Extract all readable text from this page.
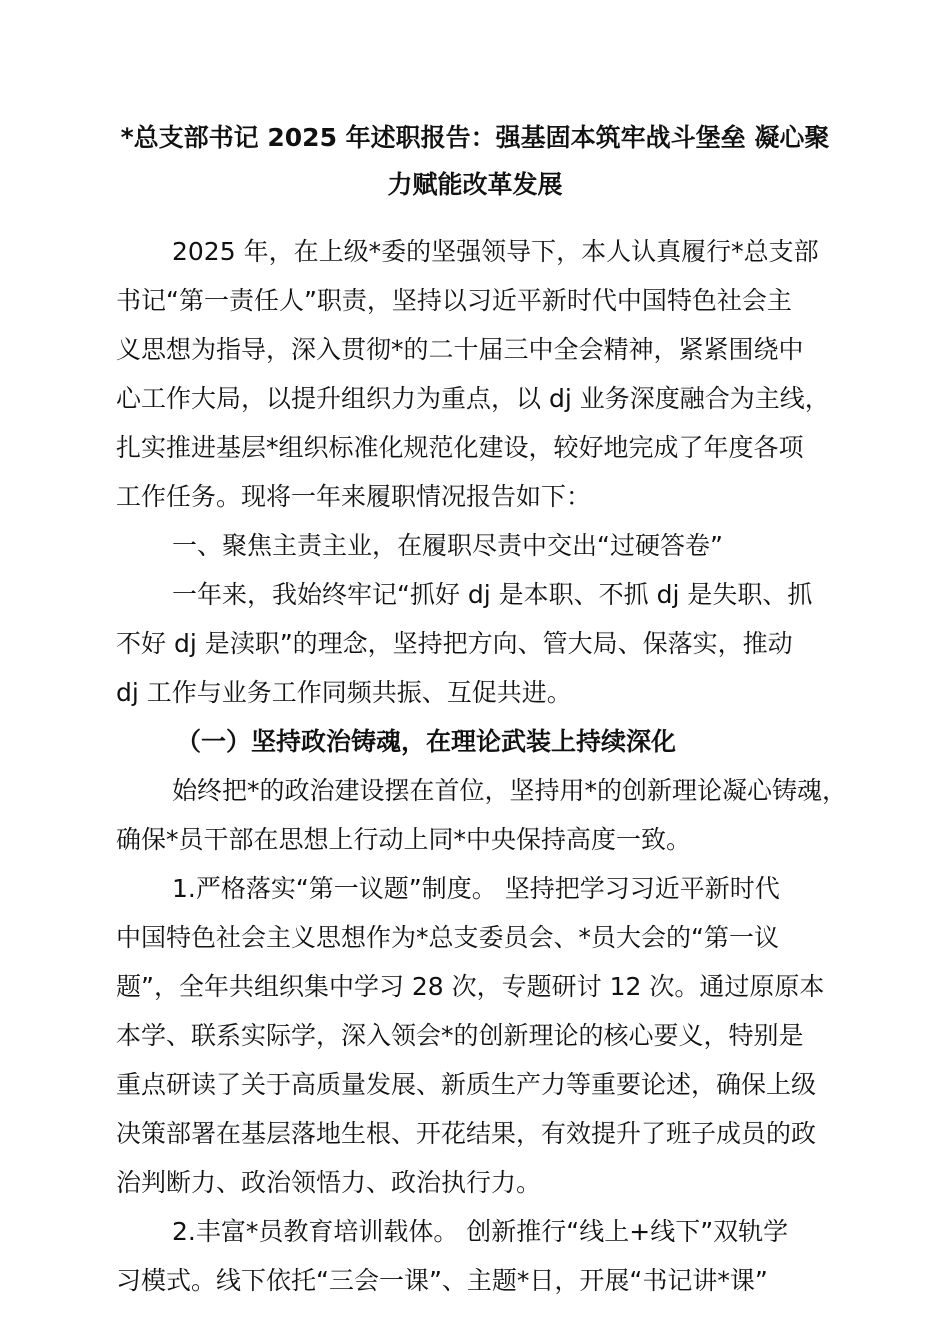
*总支部书记 2025 年述职报告：强基固本筑牢战斗堡垒 凝心聚
力赋能改革发展

2025 年，在上级*委的坚强领导下，本人认真履行*总支部

书记“第一责任人”职责，坚持以习近平新时代中国特色社会主

义思想为指导，深入贯彻*的二十届三中全会精神，紧紧围绕中

心工作大局，以提升组织力为重点，以 dj 业务深度融合为主线，

扎实推进基层*组织标准化规范化建设，较好地完成了年度各项

工作任务。现将一年来履职情况报告如下：

一、聚焦主责主业，在履职尽责中交出“过硬答卷”

一年来，我始终牢记“抓好 dj 是本职、不抓 dj 是失职、抓

不好 dj 是渎职”的理念，坚持把方向、管大局、保落实，推动

dj 工作与业务工作同频共振、互促共进。

（一）坚持政治铸魂，在理论武装上持续深化

始终把*的政治建设摆在首位，坚持用*的创新理论凝心铸魂，

确保*员干部在思想上行动上同*中央保持高度一致。

1.严格落实“第一议题”制度。 坚持把学习习近平新时代

中国特色社会主义思想作为*总支委员会、*员大会的“第一议

题”，全年共组织集中学习 28 次，专题研讨 12 次。通过原原本

本学、联系实际学，深入领会*的创新理论的核心要义，特别是

重点研读了关于高质量发展、新质生产力等重要论述，确保上级

决策部署在基层落地生根、开花结果，有效提升了班子成员的政

治判断力、政治领悟力、政治执行力。

2.丰富*员教育培训载体。 创新推行“线上+线下”双轨学

习模式。线下依托“三会一课”、主题*日，开展“书记讲*课”
